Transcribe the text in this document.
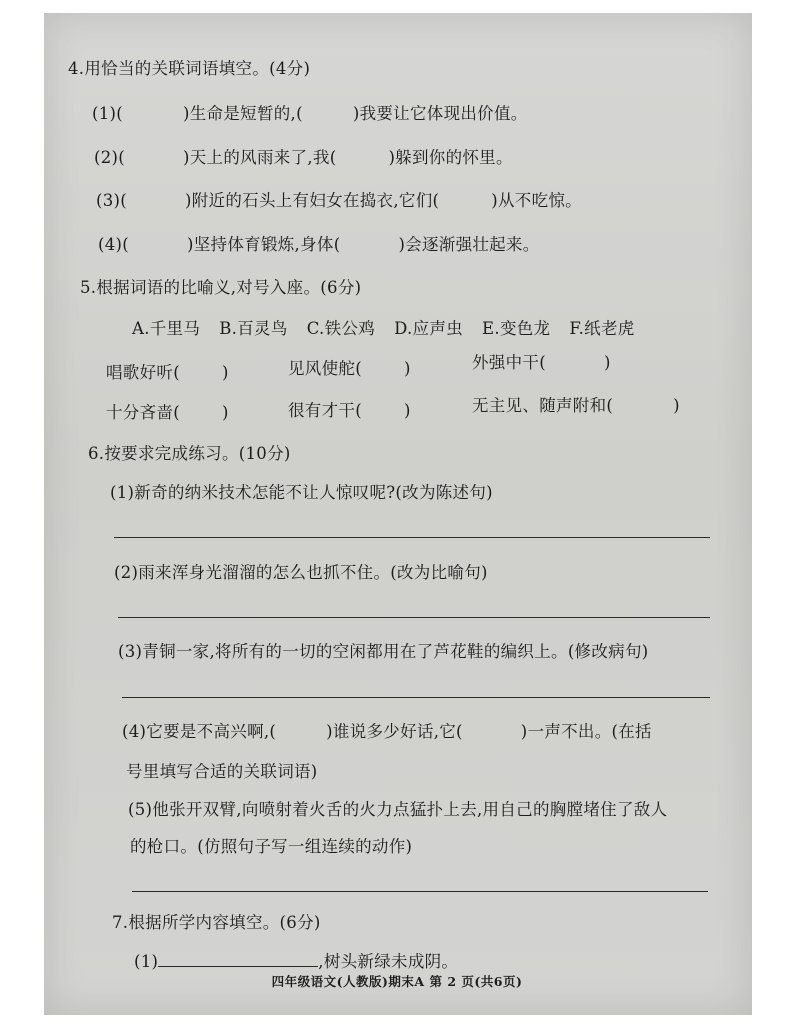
4.用恰当的关联词语填空。(4分)
(1)(	)生命是短暂的,(	)我要让它体现出价值。
(2)(	)天上的风雨来了,我(	)躲到你的怀里。
(3)(	)附近的石头上有妇女在捣衣,它们(	)从不吃惊。
(4)(	)坚持体育锻炼,身体(	)会逐渐强壮起来。
5.根据词语的比喻义,对号入座。(6分)
A.千里马  B.百灵鸟  C.铁公鸡  D.应声虫  E.变色龙  F.纸老虎
唱歌好听(	)	见风使舵(	)	外强中干(	)
十分吝啬(	)	很有才干(	)	无主见、随声附和(	)
6.按要求完成练习。(10分)
(1)新奇的纳米技术怎能不让人惊叹呢?(改为陈述句)
(2)雨来浑身光溜溜的怎么也抓不住。(改为比喻句)
(3)青铜一家,将所有的一切的空闲都用在了芦花鞋的编织上。(修改病句)
(4)它要是不高兴啊,(	)谁说多少好话,它(	)一声不出。(在括
号里填写合适的关联词语)
(5)他张开双臂,向喷射着火舌的火力点猛扑上去,用自己的胸膛堵住了敌人
的枪口。(仿照句子写一组连续的动作)
7.根据所学内容填空。(6分)
(1)	,树头新绿未成阴。
四年级语文(人教版)期末A 第 2 页(共6页)
